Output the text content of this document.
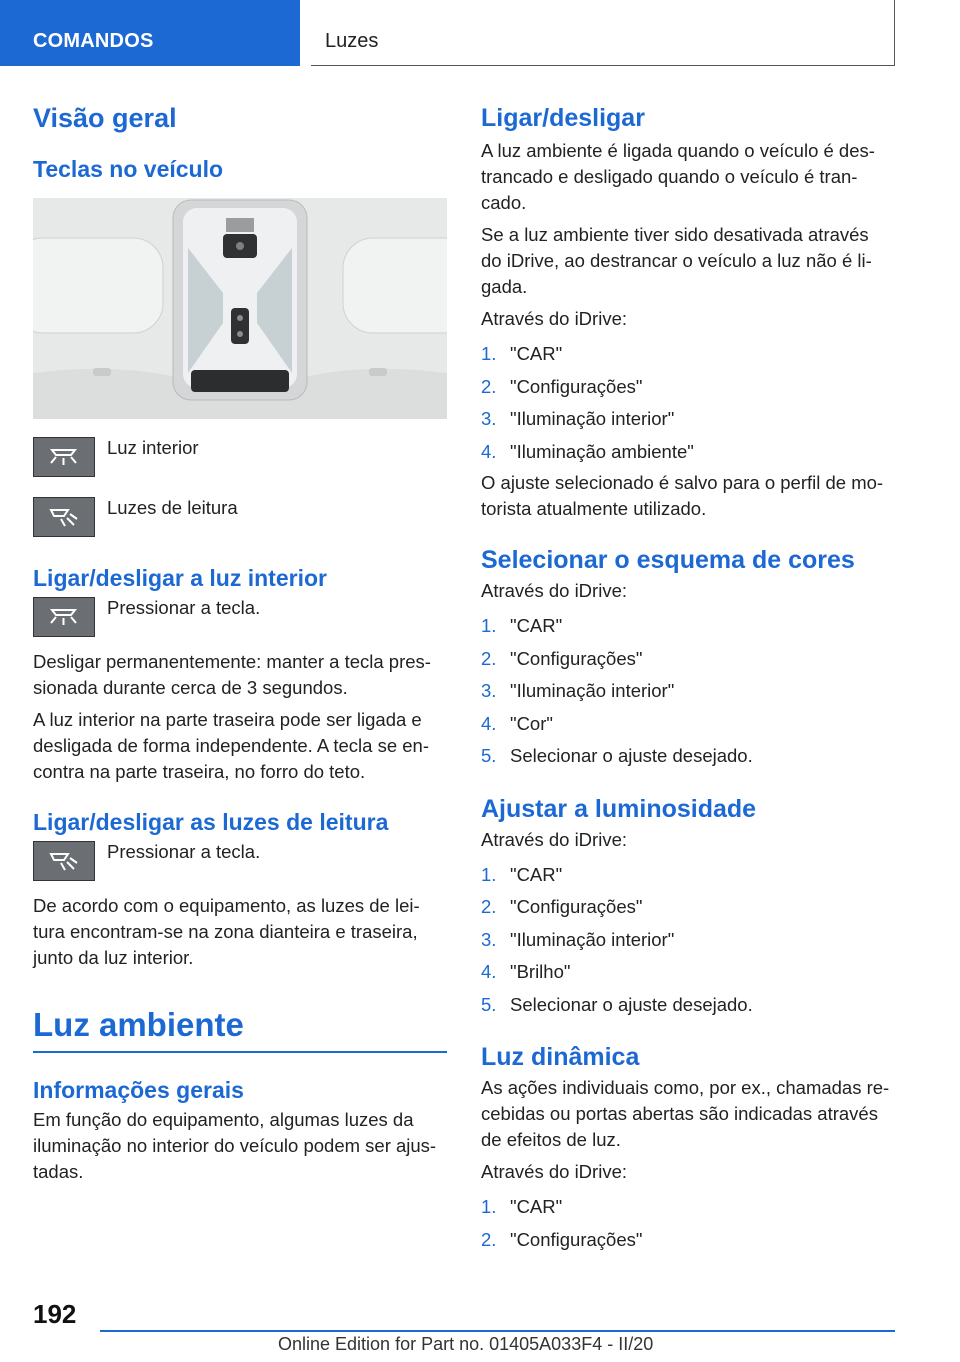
COMANDOS	Luzes
Visão geral
Teclas no veículo

Luz interior

Luzes de leitura

Ligar/desligar a luz interior

Pressionar a tecla.

Desligar permanentemente: manter a tecla pres-
sionada durante cerca de 3 segundos.

A luz interior na parte traseira pode ser ligada e
desligada de forma independente. A tecla se en-
contra na parte traseira, no forro do teto.

Ligar/desligar as luzes de leitura

Pressionar a tecla.

De acordo com o equipamento, as luzes de lei-
tura encontram-se na zona dianteira e traseira,
junto da luz interior.

Luz ambiente
Informações gerais

Em função do equipamento, algumas luzes da
iluminação no interior do veículo podem ser ajus-
tadas.

Ligar/desligar

A luz ambiente é ligada quando o veículo é des-
trancado e desligado quando o veículo é tran-
cado.

Se a luz ambiente tiver sido desativada através
do iDrive, ao destrancar o veículo a luz não é li-
gada.

Através do iDrive:

1. "CAR"
2. "Configurações"
3. "Iluminação interior"
4. "Iluminação ambiente"

O ajuste selecionado é salvo para o perfil de mo-
torista atualmente utilizado.

Selecionar o esquema de cores

Através do iDrive:

1. "CAR"
2. "Configurações"
3. "Iluminação interior"
4. "Cor"
5. Selecionar o ajuste desejado.
Ajustar a luminosidade

Através do iDrive:

1. "CAR"
2. "Configurações"
3. "Iluminação interior"
4. "Brilho"
5. Selecionar o ajuste desejado.
Luz dinâmica

As ações individuais como, por ex., chamadas re-
cebidas ou portas abertas são indicadas através
de efeitos de luz.

Através do iDrive:

1. "CAR"
2. "Configurações"
192
Online Edition for Part no. 01405A033F4 - II/20
